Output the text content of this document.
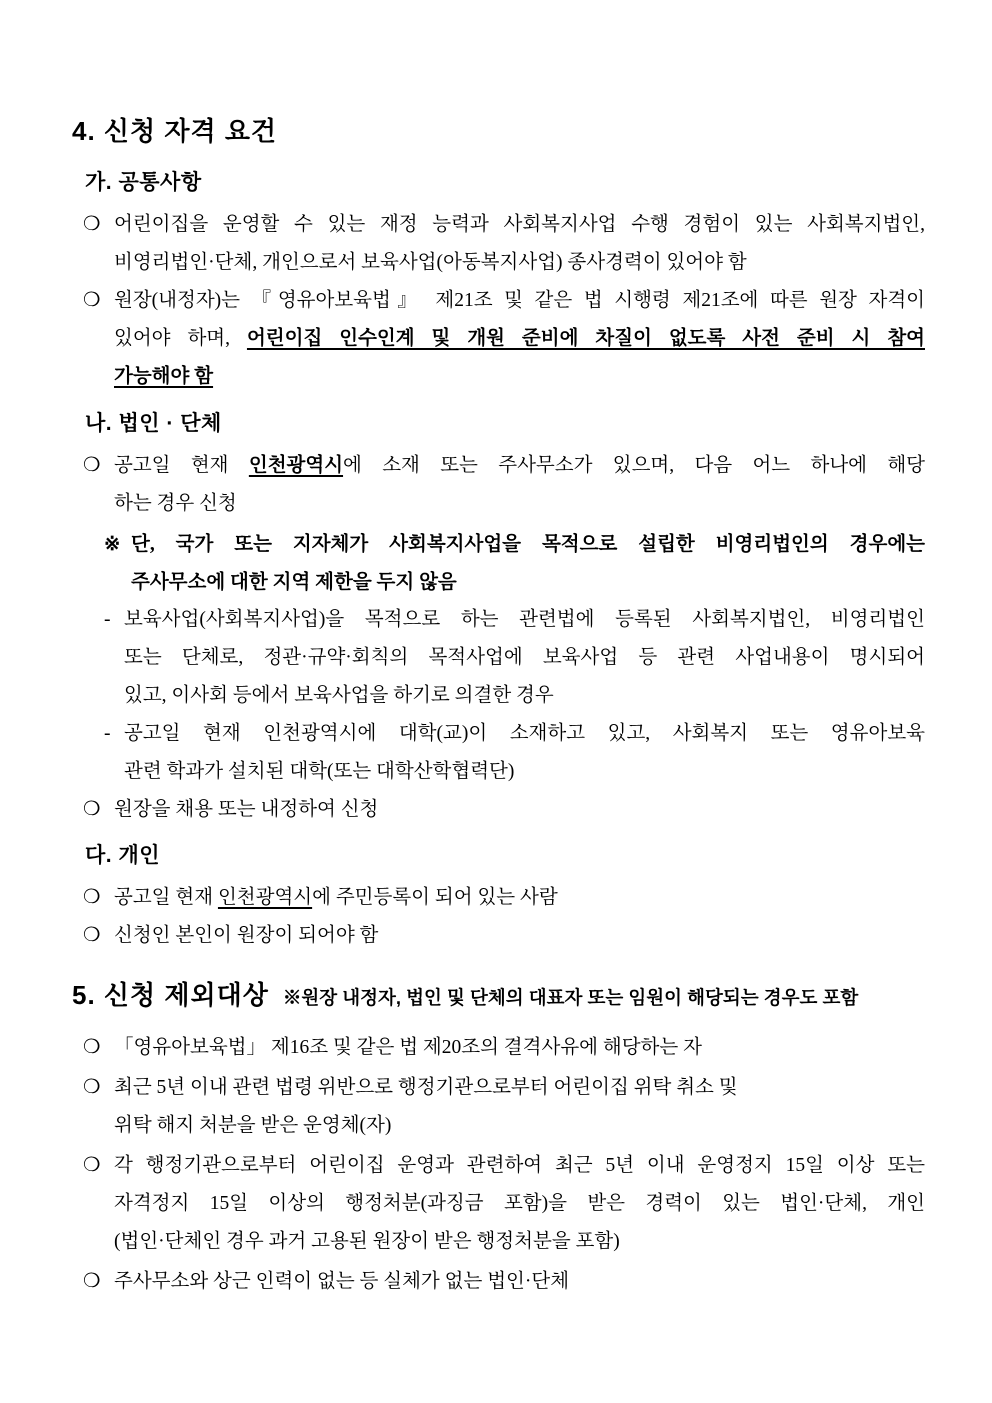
4. 신청 자격 요건
가. 공통사항
❍ 어린이집을 운영할 수 있는 재정 능력과 사회복지사업 수행 경험이 있는 사회복지법인,
비영리법인·단체, 개인으로서 보육사업(아동복지사업) 종사경력이 있어야 함
❍ 원장(내정자)는 『영유아보육법』 제21조 및 같은 법 시행령 제21조에 따른 원장 자격이
있어야 하며, 어린이집 인수인계 및 개원 준비에 차질이 없도록 사전 준비 시 참여
가능해야 함
나. 법인 · 단체
❍ 공고일 현재 인천광역시에 소재 또는 주사무소가 있으며, 다음 어느 하나에 해당
하는 경우 신청
※ 단, 국가 또는 지자체가 사회복지사업을 목적으로 설립한 비영리법인의 경우에는
주사무소에 대한 지역 제한을 두지 않음
- 보육사업(사회복지사업)을 목적으로 하는 관련법에 등록된 사회복지법인, 비영리법인
또는 단체로, 정관·규약·회칙의 목적사업에 보육사업 등 관련 사업내용이 명시되어
있고, 이사회 등에서 보육사업을 하기로 의결한 경우
- 공고일 현재 인천광역시에 대학(교)이 소재하고 있고, 사회복지 또는 영유아보육
관련 학과가 설치된 대학(또는 대학산학협력단)
❍ 원장을 채용 또는 내정하여 신청
다. 개인
❍ 공고일 현재 인천광역시에 주민등록이 되어 있는 사람
❍ 신청인 본인이 원장이 되어야 함
5. 신청 제외대상 ※원장 내정자, 법인 및 단체의 대표자 또는 임원이 해당되는 경우도 포함
❍ 「영유아보육법」 제16조 및 같은 법 제20조의 결격사유에 해당하는 자
❍ 최근 5년 이내 관련 법령 위반으로 행정기관으로부터 어린이집 위탁 취소 및
위탁 해지 처분을 받은 운영체(자)
❍ 각 행정기관으로부터 어린이집 운영과 관련하여 최근 5년 이내 운영정지 15일 이상 또는
자격정지 15일 이상의 행정처분(과징금 포함)을 받은 경력이 있는 법인·단체, 개인
(법인·단체인 경우 과거 고용된 원장이 받은 행정처분을 포함)
❍ 주사무소와 상근 인력이 없는 등 실체가 없는 법인·단체
